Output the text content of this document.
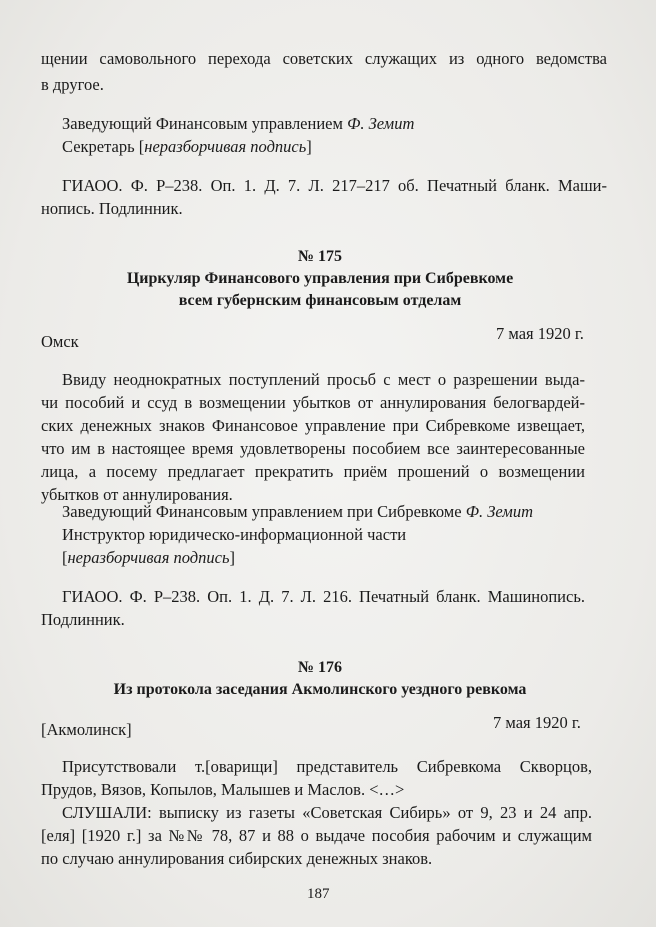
щении самовольного перехода советских служащих из одного ведомства
в другое.
Заведующий Финансовым управлением Ф. Земит
Секретарь [неразборчивая подпись]
ГИАОО. Ф. Р–238. Оп. 1. Д. 7. Л. 217–217 об. Печатный бланк. Маши-
нопись. Подлинник.
№ 175
Циркуляр Финансового управления при Сибревкоме
всем губернским финансовым отделам
Омск	7 мая 1920 г.
Ввиду неоднократных поступлений просьб с мест о разрешении выда-
чи пособий и ссуд в возмещении убытков от аннулирования белогвардей-
ских денежных знаков Финансовое управление при Сибревкоме извещает,
что им в настоящее время удовлетворены пособием все заинтересованные
лица, а посему предлагает прекратить приём прошений о возмещении
убытков от аннулирования.
Заведующий Финансовым управлением при Сибревкоме Ф. Земит
Инструктор юридическо-информационной части
[неразборчивая подпись]
ГИАОО. Ф. Р–238. Оп. 1. Д. 7. Л. 216. Печатный бланк. Машинопись.
Подлинник.
№ 176
Из протокола заседания Акмолинского уездного ревкома
[Акмолинск]	7 мая 1920 г.
Присутствовали т.[оварищи] представитель Сибревкома Скворцов,
Прудов, Вязов, Копылов, Малышев и Маслов. <…>
СЛУШАЛИ: выписку из газеты «Советская Сибирь» от 9, 23 и 24 апр.
[еля] [1920 г.] за №№ 78, 87 и 88 о выдаче пособия рабочим и служащим
по случаю аннулирования сибирских денежных знаков.
187
